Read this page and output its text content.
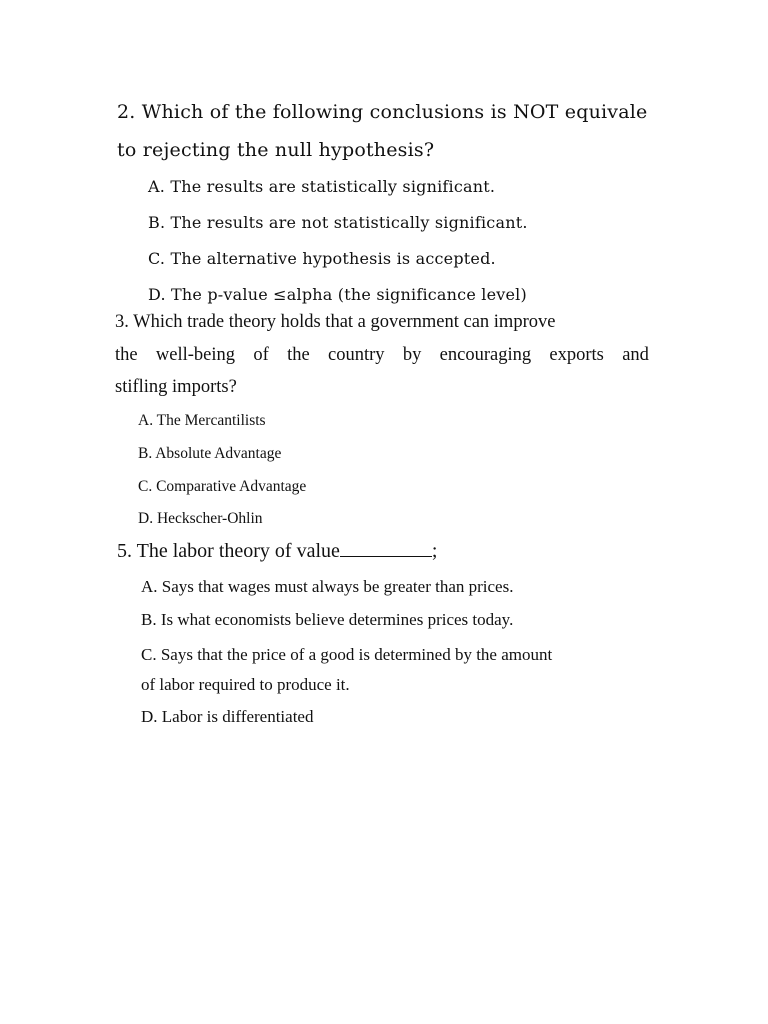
2. Which of the following conclusions is NOT equivale

to rejecting the null hypothesis?

A. The results are statistically significant.

B. The results are not statistically significant.

C. The alternative hypothesis is accepted.

D. The p-value ≤alpha (the significance level)

3. Which trade theory holds that a government can improve

the well-being of the country by encouraging exports and

stifling imports?

A. The Mercantilists

B. Absolute Advantage

C. Comparative Advantage

D. Heckscher-Ohlin

5. The labor theory of value	;

A. Says that wages must always be greater than prices.

B. Is what economists believe determines prices today.

C. Says that the price of a good is determined by the amount

of labor required to produce it.

D. Labor is differentiated
